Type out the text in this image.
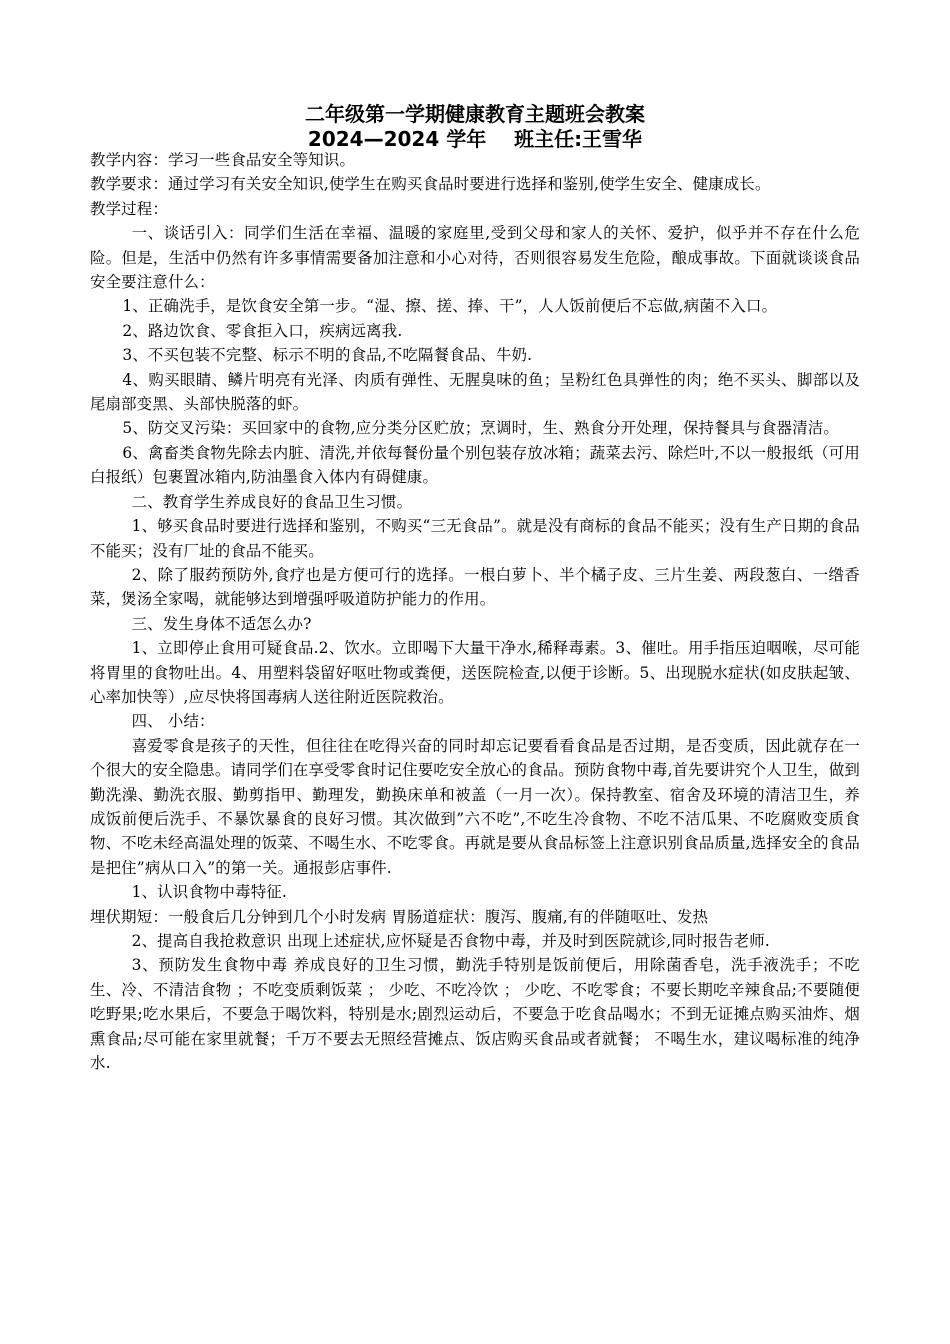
二年级第一学期健康教育主题班会教案
2024—2024 学年    班主任:王雪华

教学内容：学习一些食品安全等知识。

教学要求：通过学习有关安全知识,使学生在购买食品时要进行选择和鉴别,使学生安全、健康成长。

教学过程：

一、谈话引入：同学们生活在幸福、温暖的家庭里,受到父母和家人的关怀、爱护，似乎并不存在什么危险。但是，生活中仍然有许多事情需要备加注意和小心对待，否则很容易发生危险，酿成事故。下面就谈谈食品安全要注意什么：

1、正确洗手，是饮食安全第一步。“湿、擦、搓、捧、干”，人人饭前便后不忘做,病菌不入口。

2、路边饮食、零食拒入口，疾病远离我.

3、不买包装不完整、标示不明的食品,不吃隔餐食品、牛奶.

4、购买眼睛、鳞片明亮有光泽、肉质有弹性、无腥臭味的鱼；呈粉红色具弹性的肉；绝不买头、脚部以及尾扇部变黑、头部快脱落的虾。

5、防交叉污染：买回家中的食物,应分类分区贮放；烹调时，生、熟食分开处理，保持餐具与食器清洁。

6、禽畜类食物先除去内脏、清洗,并依每餐份量个别包装存放冰箱；蔬菜去污、除烂叶,不以一般报纸（可用白报纸）包裹置冰箱内,防油墨食入体内有碍健康。

二、教育学生养成良好的食品卫生习惯。

1、够买食品时要进行选择和鉴别，不购买“三无食品”。就是没有商标的食品不能买；没有生产日期的食品不能买；没有厂址的食品不能买。

2、除了服药预防外,食疗也是方便可行的选择。一根白萝卜、半个橘子皮、三片生姜、两段葱白、一绺香菜，煲汤全家喝，就能够达到增强呼吸道防护能力的作用。

三、发生身体不适怎么办?

1、立即停止食用可疑食品.2、饮水。立即喝下大量干净水,稀释毒素。3、催吐。用手指压迫咽喉，尽可能将胃里的食物吐出。4、用塑料袋留好呕吐物或粪便，送医院检查,以便于诊断。5、出现脱水症状(如皮肤起皱、心率加快等）,应尽快将国毒病人送往附近医院救治。

四、 小结：

喜爱零食是孩子的天性，但往往在吃得兴奋的同时却忘记要看看食品是否过期，是否变质，因此就存在一个很大的安全隐患。请同学们在享受零食时记住要吃安全放心的食品。预防食物中毒,首先要讲究个人卫生，做到勤洗澡、勤洗衣服、勤剪指甲、勤理发，勤换床单和被盖（一月一次）。保持教室、宿舍及环境的清洁卫生，养成饭前便后洗手、不暴饮暴食的良好习惯。其次做到”六不吃”,不吃生冷食物、不吃不洁瓜果、不吃腐败变质食物、不吃未经高温处理的饭菜、不喝生水、不吃零食。再就是要从食品标签上注意识别食品质量,选择安全的食品是把住”病从口入”的第一关。通报彭店事件.

1、认识食物中毒特征.

埋伏期短：一般食后几分钟到几个小时发病 胃肠道症状：腹泻、腹痛,有的伴随呕吐、发热

2、提高自我抢救意识 出现上述症状,应怀疑是否食物中毒，并及时到医院就诊,同时报告老师.

3、预防发生食物中毒 养成良好的卫生习惯，勤洗手特别是饭前便后，用除菌香皂，洗手液洗手；不吃生、冷、不清洁食物 ；不吃变质剩饭菜 ； 少吃、不吃冷饮 ； 少吃、不吃零食；不要长期吃辛辣食品;不要随便吃野果;吃水果后，不要急于喝饮料，特别是水;剧烈运动后，不要急于吃食品喝水；不到无证摊点购买油炸、烟熏食品;尽可能在家里就餐；千万不要去无照经营摊点、饭店购买食品或者就餐； 不喝生水，建议喝标准的纯净水.
